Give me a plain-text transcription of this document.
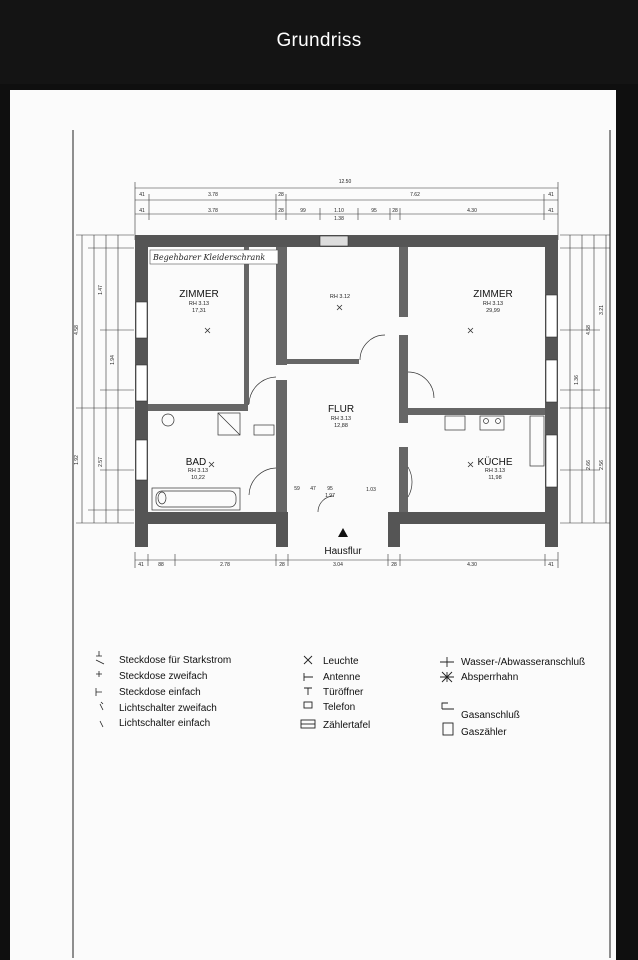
Grundriss
12.50
41	3.78	28	7.62	41
41	3.78	28	99	1.10	95	28	4.30	41
1.38
4.58
1.47
1.94
2.57
1.92
4.58
3.21
1.36
2.66 2.56
Begehbarer Kleiderschrank
ZIMMER
RH 3.13
17,31
RH 3.12	ZIMMER
RH 3.13
29,99
BAD
RH 3.13
10,22
FLUR
RH 3.13
12,88
KÜCHE
RH 3.13
11,98
59 47 95
1.97
1.03
Hausflur
41	88	2.78	28	3.04	28	4.30	41
Steckdose für Starkstrom
Steckdose zweifach
Steckdose einfach
Lichtschalter zweifach
Lichtschalter einfach
Leuchte
Antenne
Türöffner
Telefon
Zählertafel
Wasser-/Abwasseranschluß
Absperrhahn
Gasanschluß
Gaszähler
